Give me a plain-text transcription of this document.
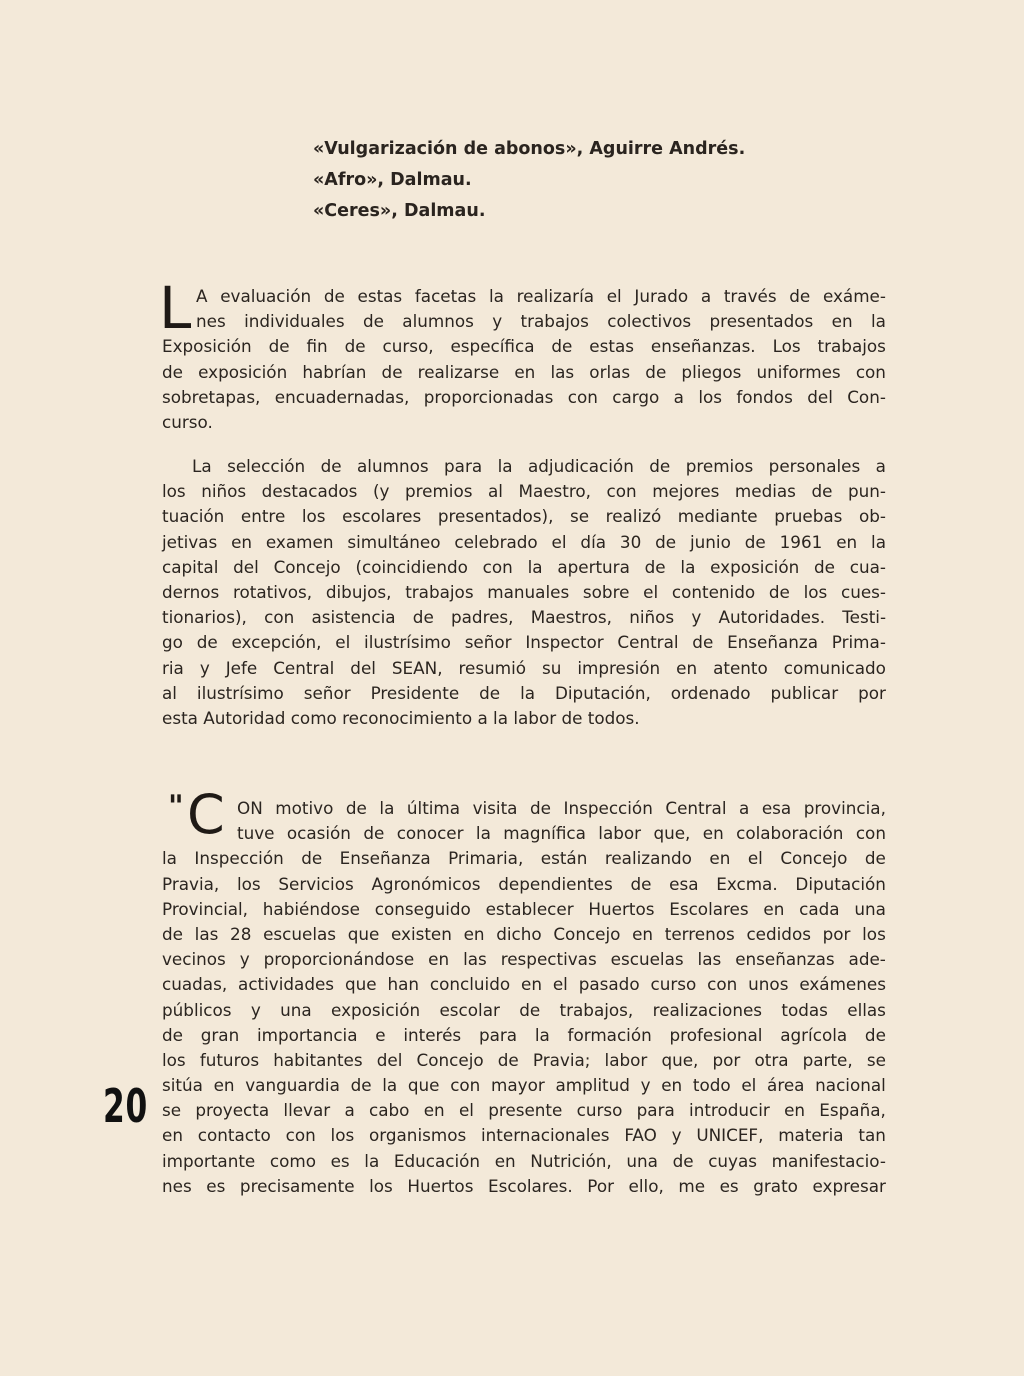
«Vulgarización de abonos», Aguirre Andrés.
«Afro», Dalmau.
«Ceres», Dalmau.
L A evaluación de estas facetas la realizaría el Jurado a través de exáme-
nes individuales de alumnos y trabajos colectivos presentados en la
Exposición de fin de curso, específica de estas enseñanzas. Los trabajos
de exposición habrían de realizarse en las orlas de pliegos uniformes con
sobretapas, encuadernadas, proporcionadas con cargo a los fondos del Con-
curso.
La selección de alumnos para la adjudicación de premios personales a
los niños destacados (y premios al Maestro, con mejores medias de pun-
tuación entre los escolares presentados), se realizó mediante pruebas ob-
jetivas en examen simultáneo celebrado el día 30 de junio de 1961 en la
capital del Concejo (coincidiendo con la apertura de la exposición de cua-
dernos rotativos, dibujos, trabajos manuales sobre el contenido de los cues-
tionarios), con asistencia de padres, Maestros, niños y Autoridades. Testi-
go de excepción, el ilustrísimo señor Inspector Central de Enseñanza Prima-
ria y Jefe Central del SEAN, resumió su impresión en atento comunicado
al ilustrísimo señor Presidente de la Diputación, ordenado publicar por
esta Autoridad como reconocimiento a la labor de todos.
" C ON motivo de la última visita de Inspección Central a esa provincia,
tuve ocasión de conocer la magnífica labor que, en colaboración con
la Inspección de Enseñanza Primaria, están realizando en el Concejo de
Pravia, los Servicios Agronómicos dependientes de esa Excma. Diputación
Provincial, habiéndose conseguido establecer Huertos Escolares en cada una
de las 28 escuelas que existen en dicho Concejo en terrenos cedidos por los
vecinos y proporcionándose en las respectivas escuelas las enseñanzas ade-
cuadas, actividades que han concluido en el pasado curso con unos exámenes
públicos y una exposición escolar de trabajos, realizaciones todas ellas
de gran importancia e interés para la formación profesional agrícola de
los futuros habitantes del Concejo de Pravia; labor que, por otra parte, se
sitúa en vanguardia de la que con mayor amplitud y en todo el área nacional
se proyecta llevar a cabo en el presente curso para introducir en España,
en contacto con los organismos internacionales FAO y UNICEF, materia tan
importante como es la Educación en Nutrición, una de cuyas manifestacio-
nes es precisamente los Huertos Escolares. Por ello, me es grato expresar
20
